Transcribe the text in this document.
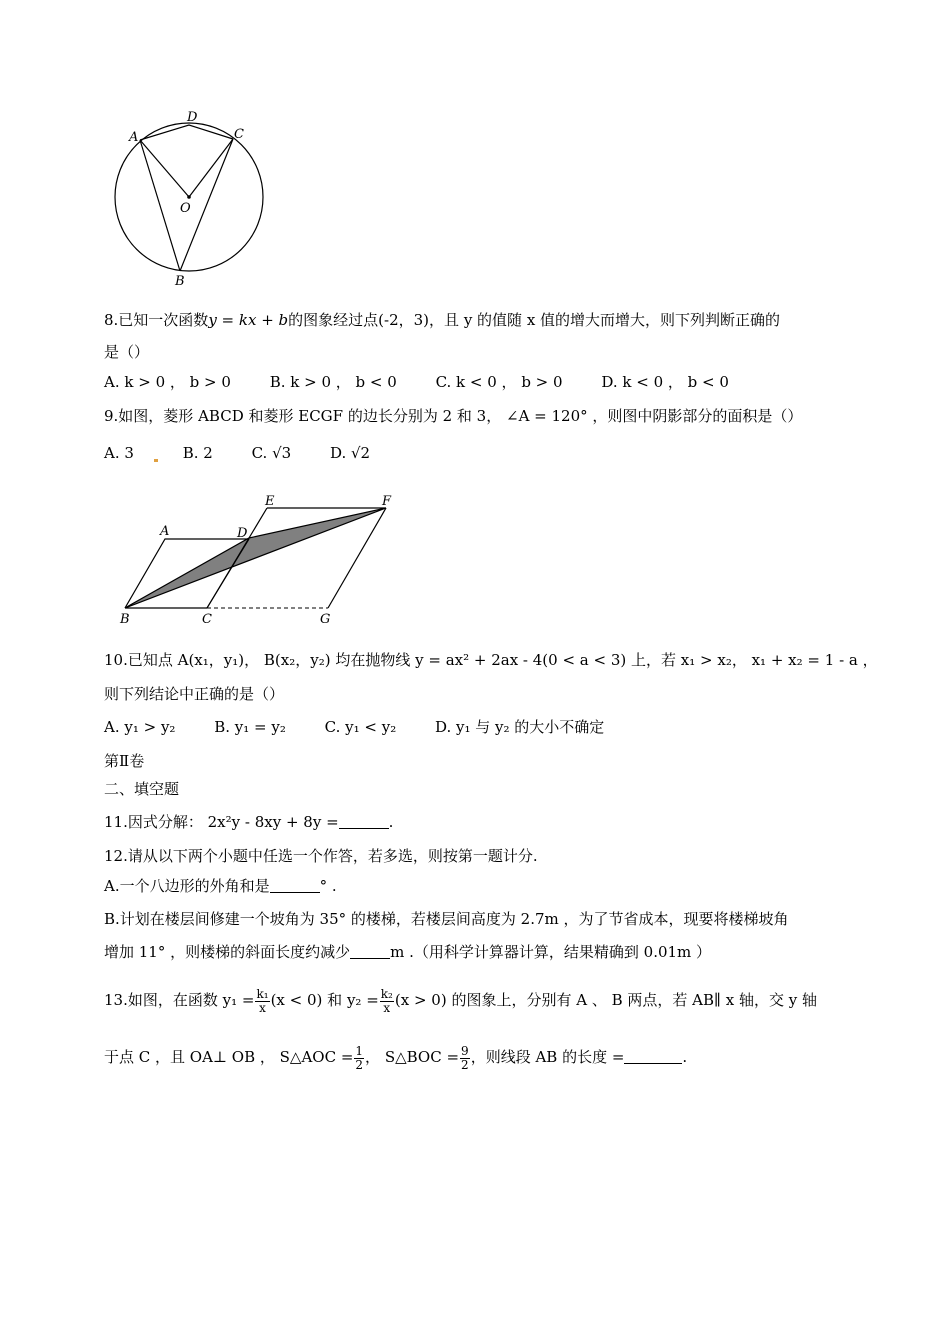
A
D
C
O
B
8.已知一次函数y = kx + b的图象经过点(-2，3)，且 y 的值随 x 值的增大而增大，则下列判断正确的
是（）
A. k > 0 ， b > 0	B. k > 0 ， b < 0	C. k < 0 ， b > 0	D. k < 0 ， b < 0
9.如图，菱形 ABCD 和菱形 ECGF 的边长分别为 2 和 3， ∠A = 120° ，则图中阴影部分的面积是（）
A. 3	B. 2	C. √3	D. √2
A	D
E	F
B	C	G
10.已知点 A(x₁，y₁)， B(x₂，y₂) 均在抛物线 y = ax² + 2ax - 4(0 < a < 3) 上，若 x₁ > x₂， x₁ + x₂ = 1 - a ，
则下列结论中正确的是（）
A. y₁ > y₂	B. y₁ = y₂	C. y₁ < y₂	D. y₁ 与 y₂ 的大小不确定
第Ⅱ卷
二、填空题
11.因式分解： 2x²y - 8xy + 8y =	.
12.请从以下两个小题中任选一个作答，若多选，则按第一题计分.
A.一个八边形的外角和是	° .
B.计划在楼层间修建一个坡角为 35° 的楼梯，若楼层间高度为 2.7m ，为了节省成本，现要将楼梯坡角
增加 11° ，则楼梯的斜面长度约减少	m .（用科学计算器计算，结果精确到 0.01m ）
13.如图，在函数 $y_1 = \frac{\text{k₁}}{x} (x < 0)$ 和 $y_2 = \frac{\text{k₂}}{x} (x > 0)$ 的图象上，分别有 A 、 B 两点，若 AB∥ x 轴，交 y 轴
于点 C ，且 OA⊥ OB ， S△AOC = $\frac{1}{2}$ ， S△BOC = $\frac{9}{2}$ ，则线段 AB 的长度 =	.
